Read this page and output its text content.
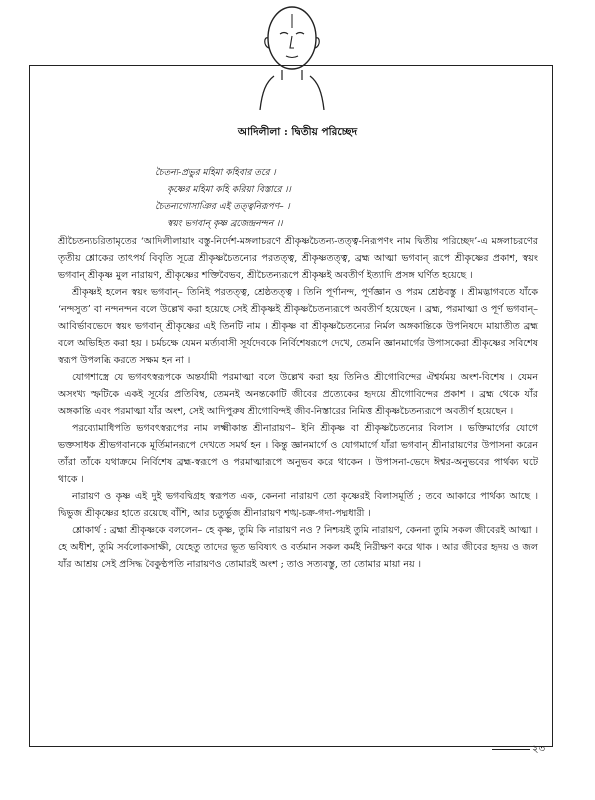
আদিলীলা : দ্বিতীয় পরিচ্ছেদ
চৈতন্য-প্রভুর মহিমা কহিবার তরে ।
কৃষ্ণের মহিমা কহি করিয়া বিস্তারে ।।
চৈতন্যগোসাঞির এই তত্ত্বনিরূপণ– ।
স্বয়ং ভগবান্ কৃষ্ণ ব্রজেন্দ্রনন্দন ।।

শ্রীচৈতন্যচরিতামৃতের ‘আদিলীলায়াং বস্তু-নির্দেশ-মঙ্গলাচরণে শ্রীকৃষ্ণচৈতন্য-তত্ত্ব-নিরূপণং নাম দ্বিতীয় পরিচ্ছেদ’-এ মঙ্গলাচরণের তৃতীয় শ্লোকের তাৎপর্য বিবৃতি সূত্রে শ্রীকৃষ্ণচৈতন্যের পরতত্ত্ব, শ্রীকৃষ্ণতত্ত্ব, ব্রহ্ম আত্মা ভগবান্ রূপে শ্রীকৃষ্ণের প্রকাশ, স্বয়ং ভগবান্ শ্রীকৃষ্ণ মুল নারায়ণ, শ্রীকৃষ্ণের শক্তিবৈভব, শ্রীচৈতন্যরূপে শ্রীকৃষ্ণই অবতীর্ণ ইত্যাদি প্রসঙ্গ ঘর্ণিত হয়েছে ।

শ্রীকৃষ্ণই হলেন স্বয়ং ভগবান্– তিনিই পরতত্ত্ব, শ্রেষ্ঠতত্ত্ব । তিনি পূর্ণানন্দ, পূর্ণজ্ঞান ও পরম শ্রেষ্ঠবস্তু । শ্রীমদ্ভাগবতে যাঁকে ‘নন্দসুত’ বা নন্দনন্দন বলে উল্লেখ করা হয়েছে সেই শ্রীকৃষ্ণই শ্রীকৃষ্ণচৈতন্যরূপে অবতীর্ণ হয়েছেন । ব্রহ্ম, পরমাত্মা ও পূর্ণ ভগবান্– আবির্ভাবভেদে স্বয়ং ভগবান্ শ্রীকৃষ্ণের এই তিনটি নাম । শ্রীকৃষ্ণ বা শ্রীকৃষ্ণচৈতন্যের নির্মল অঙ্গকান্তিকে উপনিষদে মায়াতীত ব্রহ্ম বলে অভিহিত করা হয় । চর্মচক্ষে যেমন মর্ত্যবাসী সূর্যদেবকে নির্বিশেষরূপে দেখে, তেমনি জ্ঞানমার্গের উপাসকেরা শ্রীকৃষ্ণের সবিশেষ স্বরূপ উপলব্ধি করতে সক্ষম হন না ।

যোগশাস্ত্রে যে ভগবৎস্বরূপকে অন্তর্যামী পরমাত্মা বলে উল্লেখ করা হয় তিনিও শ্রীগোবিন্দের ঐশ্বর্যময় অংশ-বিশেষ । যেমন অসংখ্য স্ফটিকে একই সূর্যের প্রতিবিম্ব, তেমনই অনন্তকোটি জীবের প্রত্যেকের হৃদয়ে শ্রীগোবিন্দের প্রকাশ । ব্রহ্ম থেকে যাঁর অঙ্গকান্তি এবং পরমাত্মা যাঁর অংশ, সেই আদিপুরুষ শ্রীগোবিন্দই জীব-নিস্তারের নিমিত্ত শ্রীকৃষ্ণচৈতন্যরূপে অবতীর্ণ হয়েছেন ।

পরব্যোমাধিপতি ভগবৎস্বরূপের নাম লক্ষ্মীকান্ত শ্রীনারায়ণ– ইনি শ্রীকৃষ্ণ বা শ্রীকৃষ্ণচৈতন্যের বিলাস । ভক্তিমার্গের যোগে ভক্তসাধক শ্রীভগবানকে মূর্তিমানরূপে দেখতে সমর্থ হন । কিন্তু জ্ঞানমার্গে ও যোগমার্গে যাঁরা ভগবান্ শ্রীনারায়ণের উপাসনা করেন তাঁরা তাঁকে যথাক্রমে নির্বিশেষ ব্রহ্ম-স্বরূপে ও পরমাত্মারূপে অনুভব করে থাকেন । উপাসনা-ভেদে ঈশ্বর-অনুভবের পার্থক্য ঘটে থাকে ।

নারায়ণ ও কৃষ্ণ এই দুই ভগবদ্বিগ্রহ স্বরূপত এক, কেননা নারায়ণ তো কৃষ্ণেরই বিলাসমূর্তি ; তবে আকারে পার্থক্য আছে । দ্বিভুজ শ্রীকৃষ্ণের হাতে রয়েছে বাঁশি, আর চতুর্ভুজ শ্রীনারায়ণ শঙ্খ-চক্র-গদা-পদ্মধারী ।

শ্লোকার্থ : ব্রহ্মা শ্রীকৃষ্ণকে বললেন– হে কৃষ্ণ, তুমি কি নারায়ণ নও ? নিশ্চয়ই তুমি নারায়ণ, কেননা তুমি সকল জীবেরই আত্মা । হে অধীশ, তুমি সর্বলোকসাক্ষী, যেহেতু তাদের ভূত ভবিষ্যৎ ও বর্তমান সকল কর্মই নিরীক্ষণ করে থাক । আর জীবের হৃদয় ও জল যাঁর আশ্রয় সেই প্রসিদ্ধ বৈকুণ্ঠপতি নারায়ণও তোমারই অংশ ; তাও সত্যবস্তু, তা তোমার মায়া নয় ।

২৩
